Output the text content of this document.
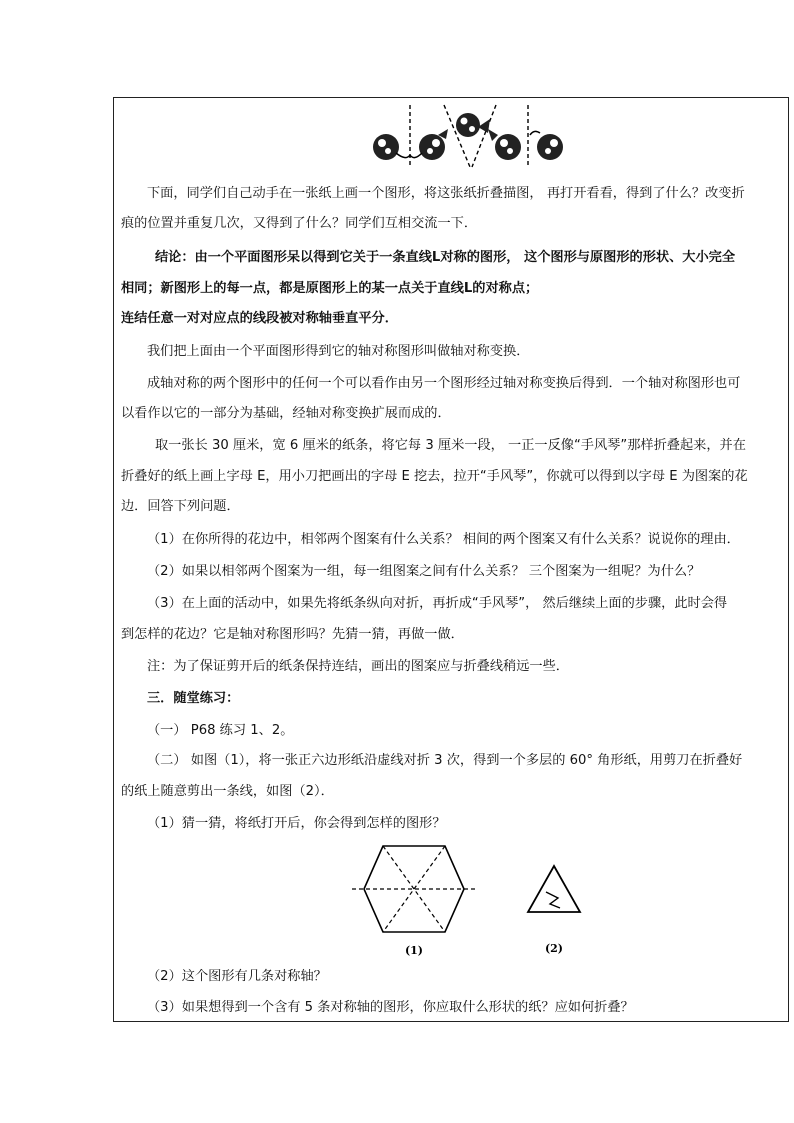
下面，同学们自己动手在一张纸上画一个图形，将这张纸折叠描图， 再打开看看，得到了什么？改变折
痕的位置并重复几次，又得到了什么？同学们互相交流一下．
结论：由一个平面图形呆以得到它关于一条直线L对称的图形， 这个图形与原图形的形状、大小完全
相同；新图形上的每一点，都是原图形上的某一点关于直线L的对称点；
连结任意一对对应点的线段被对称轴垂直平分．
我们把上面由一个平面图形得到它的轴对称图形叫做轴对称变换．
成轴对称的两个图形中的任何一个可以看作由另一个图形经过轴对称变换后得到．一个轴对称图形也可
以看作以它的一部分为基础，经轴对称变换扩展而成的．
取一张长 30 厘米，宽 6 厘米的纸条，将它每 3 厘米一段， 一正一反像“手风琴”那样折叠起来，并在
折叠好的纸上画上字母 E，用小刀把画出的字母 E 挖去，拉开“手风琴”，你就可以得到以字母 E 为图案的花
边．回答下列问题．
（1）在你所得的花边中，相邻两个图案有什么关系？ 相间的两个图案又有什么关系？说说你的理由．
（2）如果以相邻两个图案为一组，每一组图案之间有什么关系？ 三个图案为一组呢？为什么？
（3）在上面的活动中，如果先将纸条纵向对折，再折成“手风琴”， 然后继续上面的步骤，此时会得
到怎样的花边？它是轴对称图形吗？先猜一猜，再做一做．
注：为了保证剪开后的纸条保持连结，画出的图案应与折叠线稍远一些．
三．随堂练习：
（一） P68 练习 1、2。
（二） 如图（1），将一张正六边形纸沿虚线对折 3 次，得到一个多层的 60° 角形纸，用剪刀在折叠好
的纸上随意剪出一条线，如图（2）．
（1）猜一猜，将纸打开后，你会得到怎样的图形？
(1)	(2)
（2）这个图形有几条对称轴？
（3）如果想得到一个含有 5 条对称轴的图形，你应取什么形状的纸？应如何折叠？
